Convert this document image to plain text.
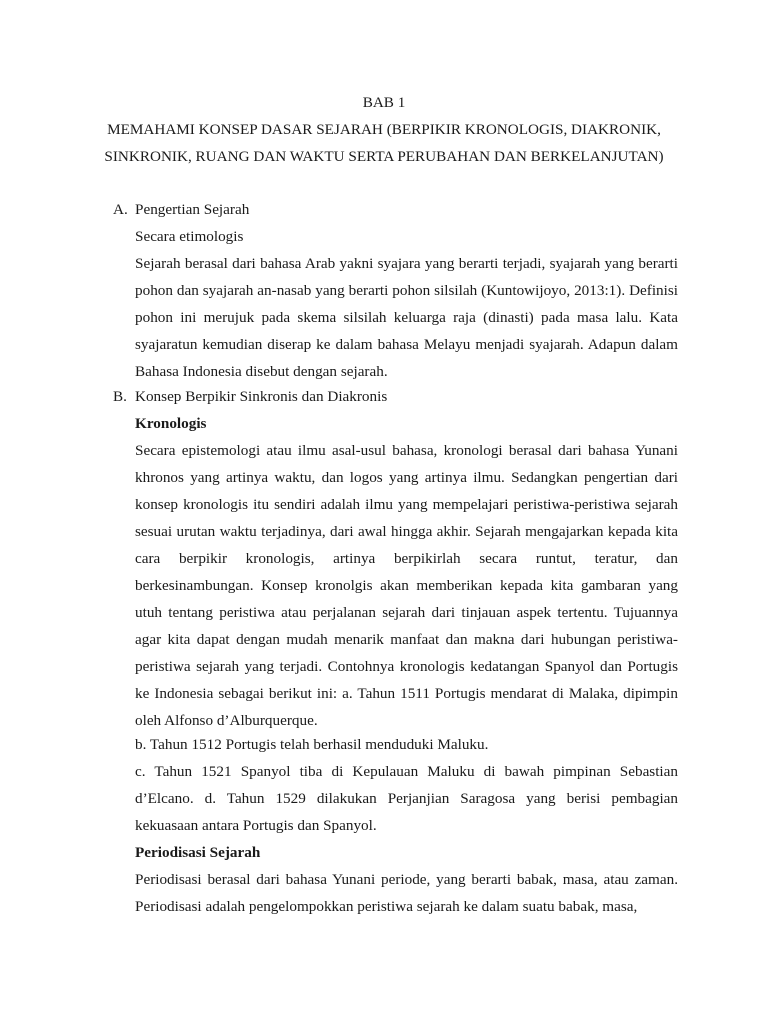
BAB 1

MEMAHAMI KONSEP DASAR SEJARAH (BERPIKIR KRONOLOGIS, DIAKRONIK,
SINKRONIK, RUANG DAN WAKTU SERTA PERUBAHAN DAN BERKELANJUTAN)
A. Pengertian Sejarah
Secara etimologis

Sejarah berasal dari bahasa Arab yakni syajara yang berarti terjadi, syajarah yang berarti pohon dan syajarah an-nasab yang berarti pohon silsilah (Kuntowijoyo, 2013:1). Definisi pohon ini merujuk pada skema silsilah keluarga raja (dinasti) pada masa lalu. Kata syajaratun kemudian diserap ke dalam bahasa Melayu menjadi syajarah. Adapun dalam Bahasa Indonesia disebut dengan sejarah.

B. Konsep Berpikir Sinkronis dan Diakronis
Kronologis

Secara epistemologi atau ilmu asal-usul bahasa, kronologi berasal dari bahasa Yunani khronos yang artinya waktu, dan logos yang artinya ilmu. Sedangkan pengertian dari konsep kronologis itu sendiri adalah ilmu yang mempelajari peristiwa-peristiwa sejarah sesuai urutan waktu terjadinya, dari awal hingga akhir. Sejarah mengajarkan kepada kita cara berpikir kronologis, artinya berpikirlah secara runtut, teratur, dan berkesinambungan. Konsep kronolgis akan memberikan kepada kita gambaran yang utuh tentang peristiwa atau perjalanan sejarah dari tinjauan aspek tertentu. Tujuannya agar kita dapat dengan mudah menarik manfaat dan makna dari hubungan peristiwa-peristiwa sejarah yang terjadi. Contohnya kronologis kedatangan Spanyol dan Portugis ke Indonesia sebagai berikut ini: a. Tahun 1511 Portugis mendarat di Malaka, dipimpin oleh Alfonso d’Alburquerque.

b. Tahun 1512 Portugis telah berhasil menduduki Maluku.

c. Tahun 1521 Spanyol tiba di Kepulauan Maluku di bawah pimpinan Sebastian d’Elcano. d. Tahun 1529 dilakukan Perjanjian Saragosa yang berisi pembagian kekuasaan antara Portugis dan Spanyol.

Periodisasi Sejarah

Periodisasi berasal dari bahasa Yunani periode, yang berarti babak, masa, atau zaman. Periodisasi adalah pengelompokkan peristiwa sejarah ke dalam suatu babak, masa,
